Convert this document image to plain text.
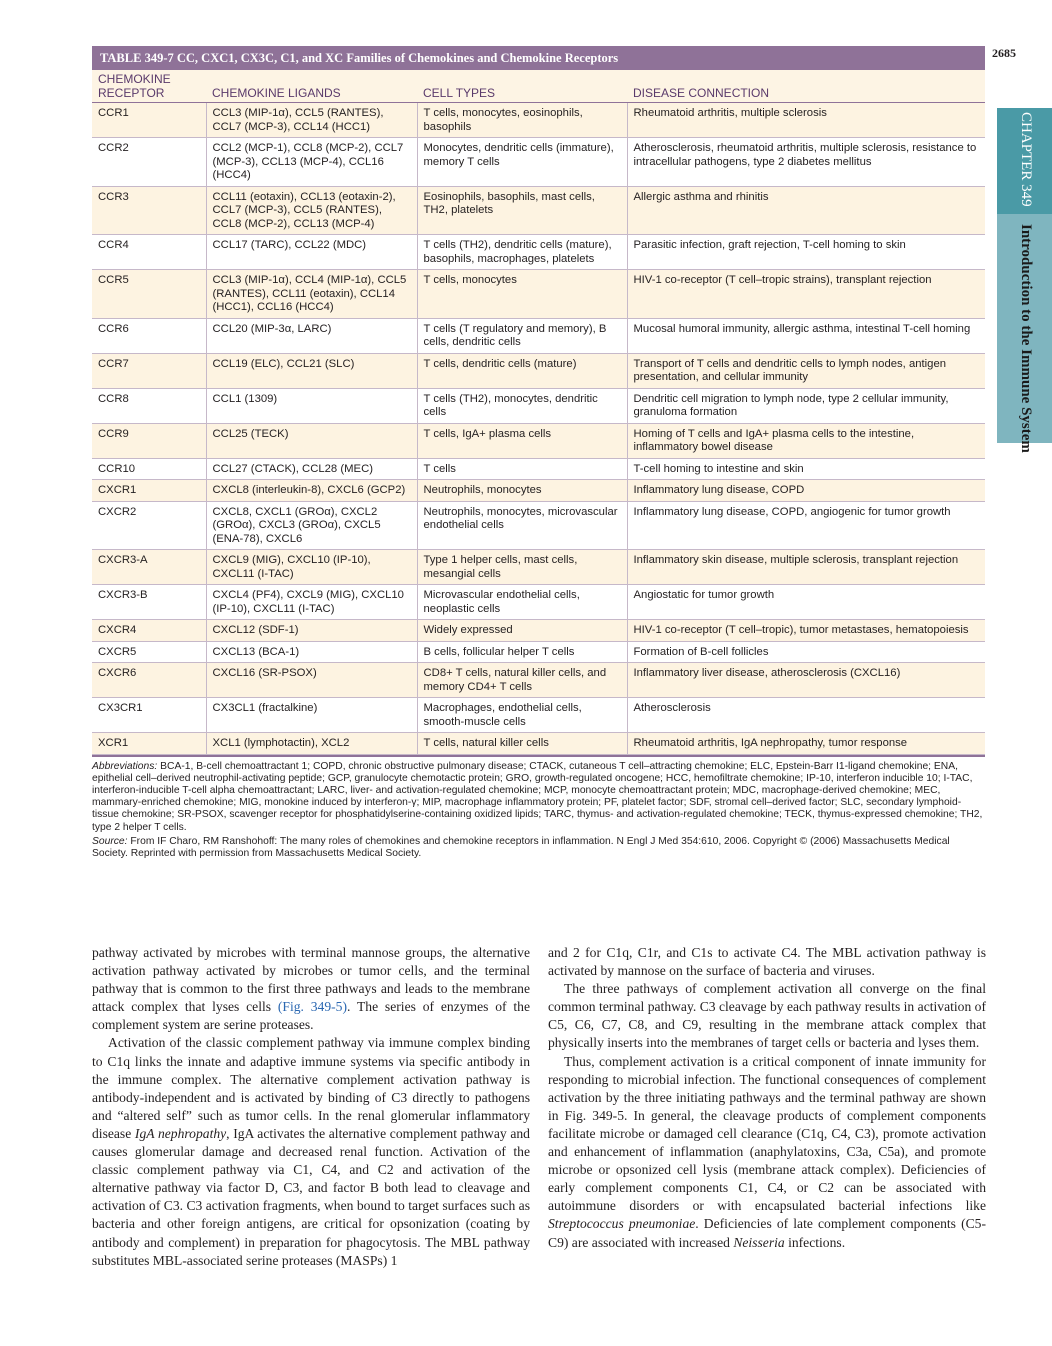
2685
CHAPTER 349Introduction to the Immune System
TABLE 349-7 CC, CXC1, CX3C, C1, and XC Families of Chemokines and Chemokine Receptors
CHEMOKINE RECEPTOR	CHEMOKINE LIGANDS	CELL TYPES	DISEASE CONNECTION
CCR1	CCL3 (MIP-1α), CCL5 (RANTES), CCL7 (MCP-3), CCL14 (HCC1)	T cells, monocytes, eosinophils, basophils	Rheumatoid arthritis, multiple sclerosis
CCR2	CCL2 (MCP-1), CCL8 (MCP-2), CCL7 (MCP-3), CCL13 (MCP-4), CCL16 (HCC4)	Monocytes, dendritic cells (immature), memory T cells	Atherosclerosis, rheumatoid arthritis, multiple sclerosis, resistance to intracellular pathogens, type 2 diabetes mellitus
CCR3	CCL11 (eotaxin), CCL13 (eotaxin-2), CCL7 (MCP-3), CCL5 (RANTES), CCL8 (MCP-2), CCL13 (MCP-4)	Eosinophils, basophils, mast cells, TH2, platelets	Allergic asthma and rhinitis
CCR4	CCL17 (TARC), CCL22 (MDC)	T cells (TH2), dendritic cells (mature), basophils, macrophages, platelets	Parasitic infection, graft rejection, T-cell homing to skin
CCR5	CCL3 (MIP-1α), CCL4 (MIP-1α), CCL5 (RANTES), CCL11 (eotaxin), CCL14 (HCC1), CCL16 (HCC4)	T cells, monocytes	HIV-1 co-receptor (T cell–tropic strains), transplant rejection
CCR6	CCL20 (MIP-3α, LARC)	T cells (T regulatory and memory), B cells, dendritic cells	Mucosal humoral immunity, allergic asthma, intestinal T-cell homing
CCR7	CCL19 (ELC), CCL21 (SLC)	T cells, dendritic cells (mature)	Transport of T cells and dendritic cells to lymph nodes, antigen presentation, and cellular immunity
CCR8	CCL1 (1309)	T cells (TH2), monocytes, dendritic cells	Dendritic cell migration to lymph node, type 2 cellular immunity, granuloma formation
CCR9	CCL25 (TECK)	T cells, IgA+ plasma cells	Homing of T cells and IgA+ plasma cells to the intestine, inflammatory bowel disease
CCR10	CCL27 (CTACK), CCL28 (MEC)	T cells	T-cell homing to intestine and skin
CXCR1	CXCL8 (interleukin-8), CXCL6 (GCP2)	Neutrophils, monocytes	Inflammatory lung disease, COPD
CXCR2	CXCL8, CXCL1 (GROα), CXCL2 (GROα), CXCL3 (GROα), CXCL5 (ENA-78), CXCL6	Neutrophils, monocytes, microvascular endothelial cells	Inflammatory lung disease, COPD, angiogenic for tumor growth
CXCR3-A	CXCL9 (MIG), CXCL10 (IP-10), CXCL11 (I-TAC)	Type 1 helper cells, mast cells, mesangial cells	Inflammatory skin disease, multiple sclerosis, transplant rejection
CXCR3-B	CXCL4 (PF4), CXCL9 (MIG), CXCL10 (IP-10), CXCL11 (I-TAC)	Microvascular endothelial cells, neoplastic cells	Angiostatic for tumor growth
CXCR4	CXCL12 (SDF-1)	Widely expressed	HIV-1 co-receptor (T cell–tropic), tumor metastases, hematopoiesis
CXCR5	CXCL13 (BCA-1)	B cells, follicular helper T cells	Formation of B-cell follicles
CXCR6	CXCL16 (SR-PSOX)	CD8+ T cells, natural killer cells, and memory CD4+ T cells	Inflammatory liver disease, atherosclerosis (CXCL16)
CX3CR1	CX3CL1 (fractalkine)	Macrophages, endothelial cells, smooth-muscle cells	Atherosclerosis
XCR1	XCL1 (lymphotactin), XCL2	T cells, natural killer cells	Rheumatoid arthritis, IgA nephropathy, tumor response
Abbreviations: BCA-1, B-cell chemoattractant 1; COPD, chronic obstructive pulmonary disease; CTACK, cutaneous T cell–attracting chemokine; ELC, Epstein-Barr I1-ligand chemokine; ENA, epithelial cell–derived neutrophil-activating peptide; GCP, granulocyte chemotactic protein; GRO, growth-regulated oncogene; HCC, hemofiltrate chemokine; IP-10, interferon inducible 10; I-TAC, interferon-inducible T-cell alpha chemoattractant; LARC, liver- and activation-regulated chemokine; MCP, monocyte chemoattractant protein; MDC, macrophage-derived chemokine; MEC, mammary-enriched chemokine; MIG, monokine induced by interferon-γ; MIP, macrophage inflammatory protein; PF, platelet factor; SDF, stromal cell–derived factor; SLC, secondary lymphoid-tissue chemokine; SR-PSOX, scavenger receptor for phosphatidylserine-containing oxidized lipids; TARC, thymus- and activation-regulated chemokine; TECK, thymus-expressed chemokine; TH2, type 2 helper T cells.
Source: From IF Charo, RM Ranshohoff: The many roles of chemokines and chemokine receptors in inflammation. N Engl J Med 354:610, 2006. Copyright © (2006) Massachusetts Medical Society. Reprinted with permission from Massachusetts Medical Society.

pathway activated by microbes with terminal mannose groups, the alternative activation pathway activated by microbes or tumor cells, and the terminal pathway that is common to the first three pathways and leads to the membrane attack complex that lyses cells (Fig. 349-5). The series of enzymes of the complement system are serine proteases.

Activation of the classic complement pathway via immune complex binding to C1q links the innate and adaptive immune systems via specific antibody in the immune complex. The alternative complement activation pathway is antibody-independent and is activated by binding of C3 directly to pathogens and “altered self” such as tumor cells. In the renal glomerular inflammatory disease IgA nephropathy, IgA activates the alternative complement pathway and causes glomerular damage and decreased renal function. Activation of the classic complement pathway via C1, C4, and C2 and activation of the alternative pathway via factor D, C3, and factor B both lead to cleavage and activation of C3. C3 activation fragments, when bound to target surfaces such as bacteria and other foreign antigens, are critical for opsonization (coating by antibody and complement) in preparation for phagocytosis. The MBL pathway substitutes MBL-associated serine proteases (MASPs) 1

and 2 for C1q, C1r, and C1s to activate C4. The MBL activation pathway is activated by mannose on the surface of bacteria and viruses.

The three pathways of complement activation all converge on the final common terminal pathway. C3 cleavage by each pathway results in activation of C5, C6, C7, C8, and C9, resulting in the membrane attack complex that physically inserts into the membranes of target cells or bacteria and lyses them.

Thus, complement activation is a critical component of innate immunity for responding to microbial infection. The functional consequences of complement activation by the three initiating pathways and the terminal pathway are shown in Fig. 349-5. In general, the cleavage products of complement components facilitate microbe or damaged cell clearance (C1q, C4, C3), promote activation and enhancement of inflammation (anaphylatoxins, C3a, C5a), and promote microbe or opsonized cell lysis (membrane attack complex). Deficiencies of early complement components C1, C4, or C2 can be associated with autoimmune disorders or with encapsulated bacterial infections like Streptococcus pneumoniae. Deficiencies of late complement components (C5-C9) are associated with increased Neisseria infections.
